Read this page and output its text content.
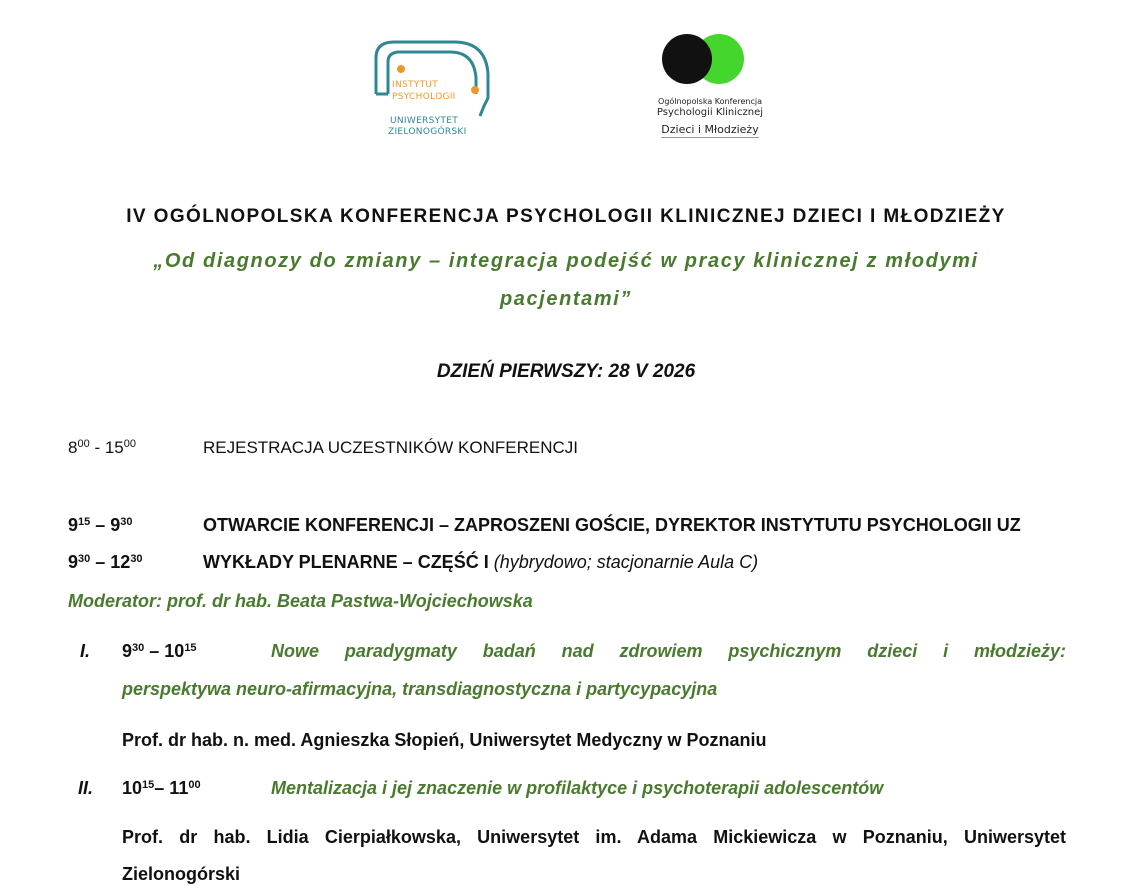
INSTYTUT
PSYCHOLOGII
UNIWERSYTET
ZIELONOGÓRSKI
Ogólnopolska Konferencja
Psychologii Klinicznej
Dzieci i Młodzieży
IV OGÓLNOPOLSKA KONFERENCJA PSYCHOLOGII KLINICZNEJ DZIECI I MŁODZIEŻY
„Od diagnozy do zmiany – integracja podejść w pracy klinicznej z młodymi pacjentami”
DZIEŃ PIERWSZY: 28 V 2026
$8^{00} - 15^{00}$	REJESTRACJA UCZESTNIKÓW KONFERENCJI
$9^{15} - 9^{30}$	OTWARCIE KONFERENCJI – ZAPROSZENI GOŚCIE, DYREKTOR INSTYTUTU PSYCHOLOGII UZ
$9^{30} - 12^{30}$	WYKŁADY PLENARNE – CZĘŚĆ I (hybrydowo; stacjonarnie Aula C)
Moderator: prof. dr hab. Beata Pastwa-Wojciechowska
I. $9^{30} - 10^{15}$	Nowe paradygmaty badań nad zdrowiem psychicznym dzieci i młodzieży:
perspektywa neuro-afirmacyjna, transdiagnostyczna i partycypacyjna
Prof. dr hab. n. med. Agnieszka Słopień, Uniwersytet Medyczny w Poznaniu
II. $10^{15}-$ $11^{00}$	Mentalizacja i jej znaczenie w profilaktyce i psychoterapii adolescentów
Prof. dr hab. Lidia Cierpiałkowska, Uniwersytet im. Adama Mickiewicza w Poznaniu, Uniwersytet
Zielonogórski
